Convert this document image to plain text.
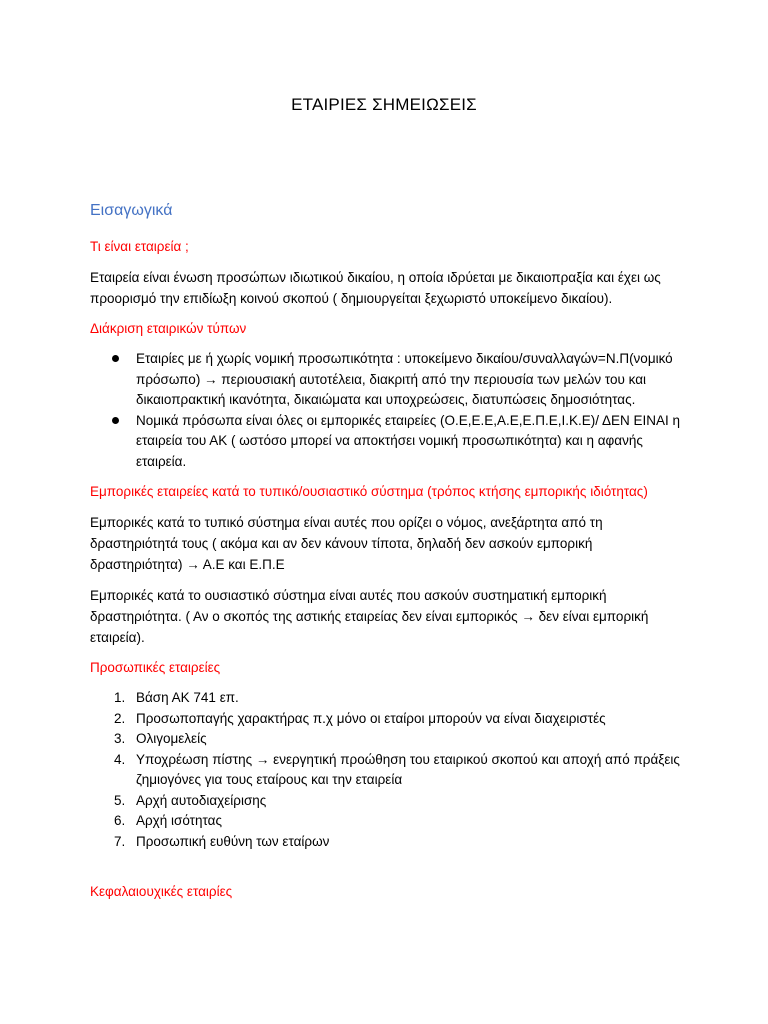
ΕΤΑΙΡΙΕΣ ΣΗΜΕΙΩΣΕΙΣ
Εισαγωγικά
Τι είναι εταιρεία ;

Εταιρεία είναι ένωση προσώπων ιδιωτικού δικαίου, η οποία ιδρύεται με δικαιοπραξία και έχει ως προορισμό την επιδίωξη κοινού σκοπού ( δημιουργείται ξεχωριστό υποκείμενο δικαίου).

Διάκριση εταιρικών τύπων
Εταιρίες με ή χωρίς νομική προσωπικότητα : υποκείμενο δικαίου/συναλλαγών=Ν.Π(νομικό πρόσωπο) → περιουσιακή αυτοτέλεια, διακριτή από την περιουσία των μελών του και δικαιοπρακτική ικανότητα, δικαιώματα και υποχρεώσεις, διατυπώσεις δημοσιότητας.
Νομικά πρόσωπα είναι όλες οι εμπορικές εταιρείες (Ο.Ε,Ε.Ε,Α.Ε,Ε.Π.Ε,Ι.Κ.Ε)/ ΔΕΝ ΕΙΝΑΙ η εταιρεία του ΑΚ ( ωστόσο μπορεί να αποκτήσει νομική προσωπικότητα) και η αφανής εταιρεία.
Εμπορικές εταιρείες κατά το τυπικό/ουσιαστικό σύστημα (τρόπος κτήσης εμπορικής ιδιότητας)

Εμπορικές κατά το τυπικό σύστημα είναι αυτές που ορίζει ο νόμος, ανεξάρτητα από τη δραστηριότητά τους ( ακόμα και αν δεν κάνουν τίποτα, δηλαδή δεν ασκούν εμπορική δραστηριότητα) → Α.Ε και Ε.Π.Ε

Εμπορικές κατά το ουσιαστικό σύστημα είναι αυτές που ασκούν συστηματική εμπορική δραστηριότητα. ( Αν ο σκοπός της αστικής εταιρείας δεν είναι εμπορικός → δεν είναι εμπορική εταιρεία).

Προσωπικές εταιρείες
1. Βάση ΑΚ 741 επ.
2. Προσωποπαγής χαρακτήρας π.χ μόνο οι εταίροι μπορούν να είναι διαχειριστές
3. Ολιγομελείς
4. Υποχρέωση πίστης → ενεργητική προώθηση του εταιρικού σκοπού και αποχή από πράξεις ζημιογόνες για τους εταίρους και την εταιρεία
5. Αρχή αυτοδιαχείρισης
6. Αρχή ισότητας
7. Προσωπική ευθύνη των εταίρων
Κεφαλαιουχικές εταιρίες
